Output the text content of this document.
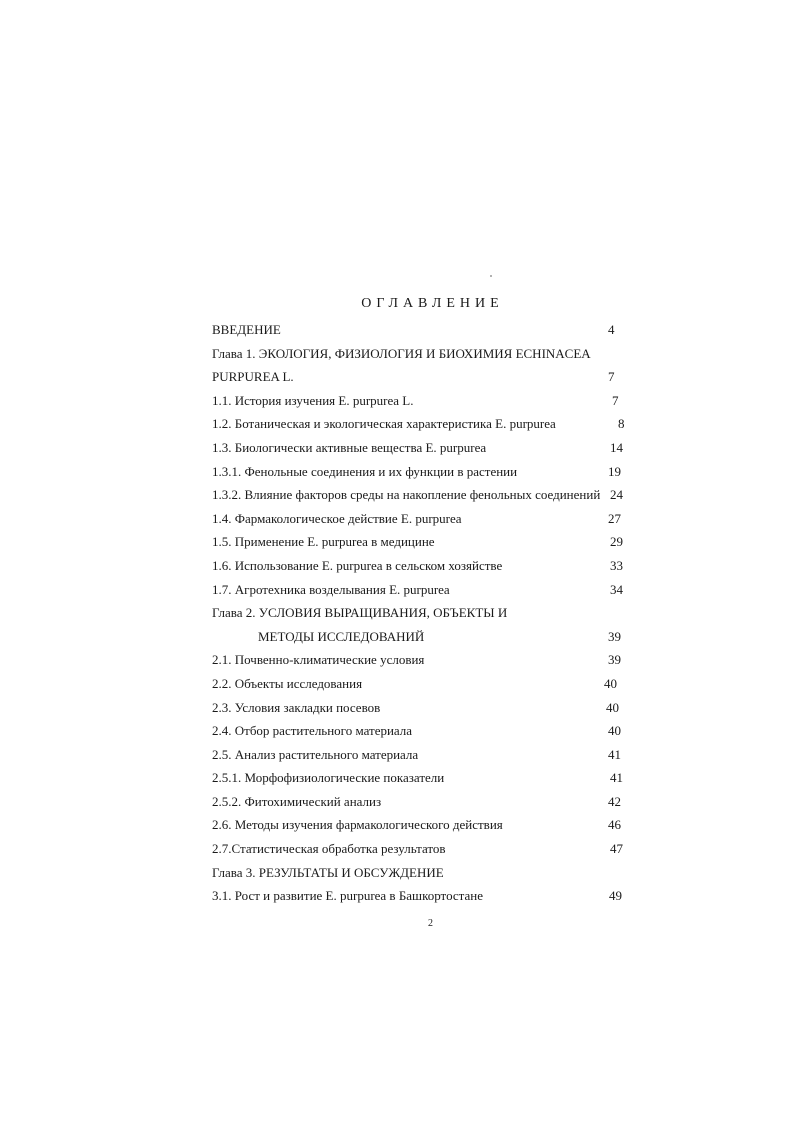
ОГЛАВЛЕНИЕ
ВВЕДЕНИЕ	4
Глава 1. ЭКОЛОГИЯ, ФИЗИОЛОГИЯ И БИОХИМИЯ ECHINACEA
PURPUREA L.	7
1.1. История изучения E. purpurea L.	7
1.2. Ботаническая и экологическая характеристика E. purpurea	8
1.3. Биологически активные вещества E. purpurea	14
1.3.1. Фенольные соединения и их функции в растении	19
1.3.2. Влияние факторов среды на накопление фенольных соединений 24
1.4. Фармакологическое действие E. purpurea	27
1.5. Применение E. purpurea в медицине	29
1.6. Использование E. purpurea в сельском хозяйстве	33
1.7. Агротехника возделывания E. purpurea	34
Глава 2. УСЛОВИЯ ВЫРАЩИВАНИЯ, ОБЪЕКТЫ И
МЕТОДЫ ИССЛЕДОВАНИЙ	39
2.1. Почвенно-климатические условия	39
2.2. Объекты исследования	40
2.3. Условия закладки посевов	40
2.4. Отбор растительного материала	40
2.5. Анализ растительного материала	41
2.5.1. Морфофизиологические показатели	41
2.5.2. Фитохимический анализ	42
2.6. Методы изучения фармакологического действия	46
2.7.Статистическая обработка результатов	47
Глава 3. РЕЗУЛЬТАТЫ И ОБСУЖДЕНИЕ
3.1. Рост и развитие E. purpurea в Башкортостане	49
2
